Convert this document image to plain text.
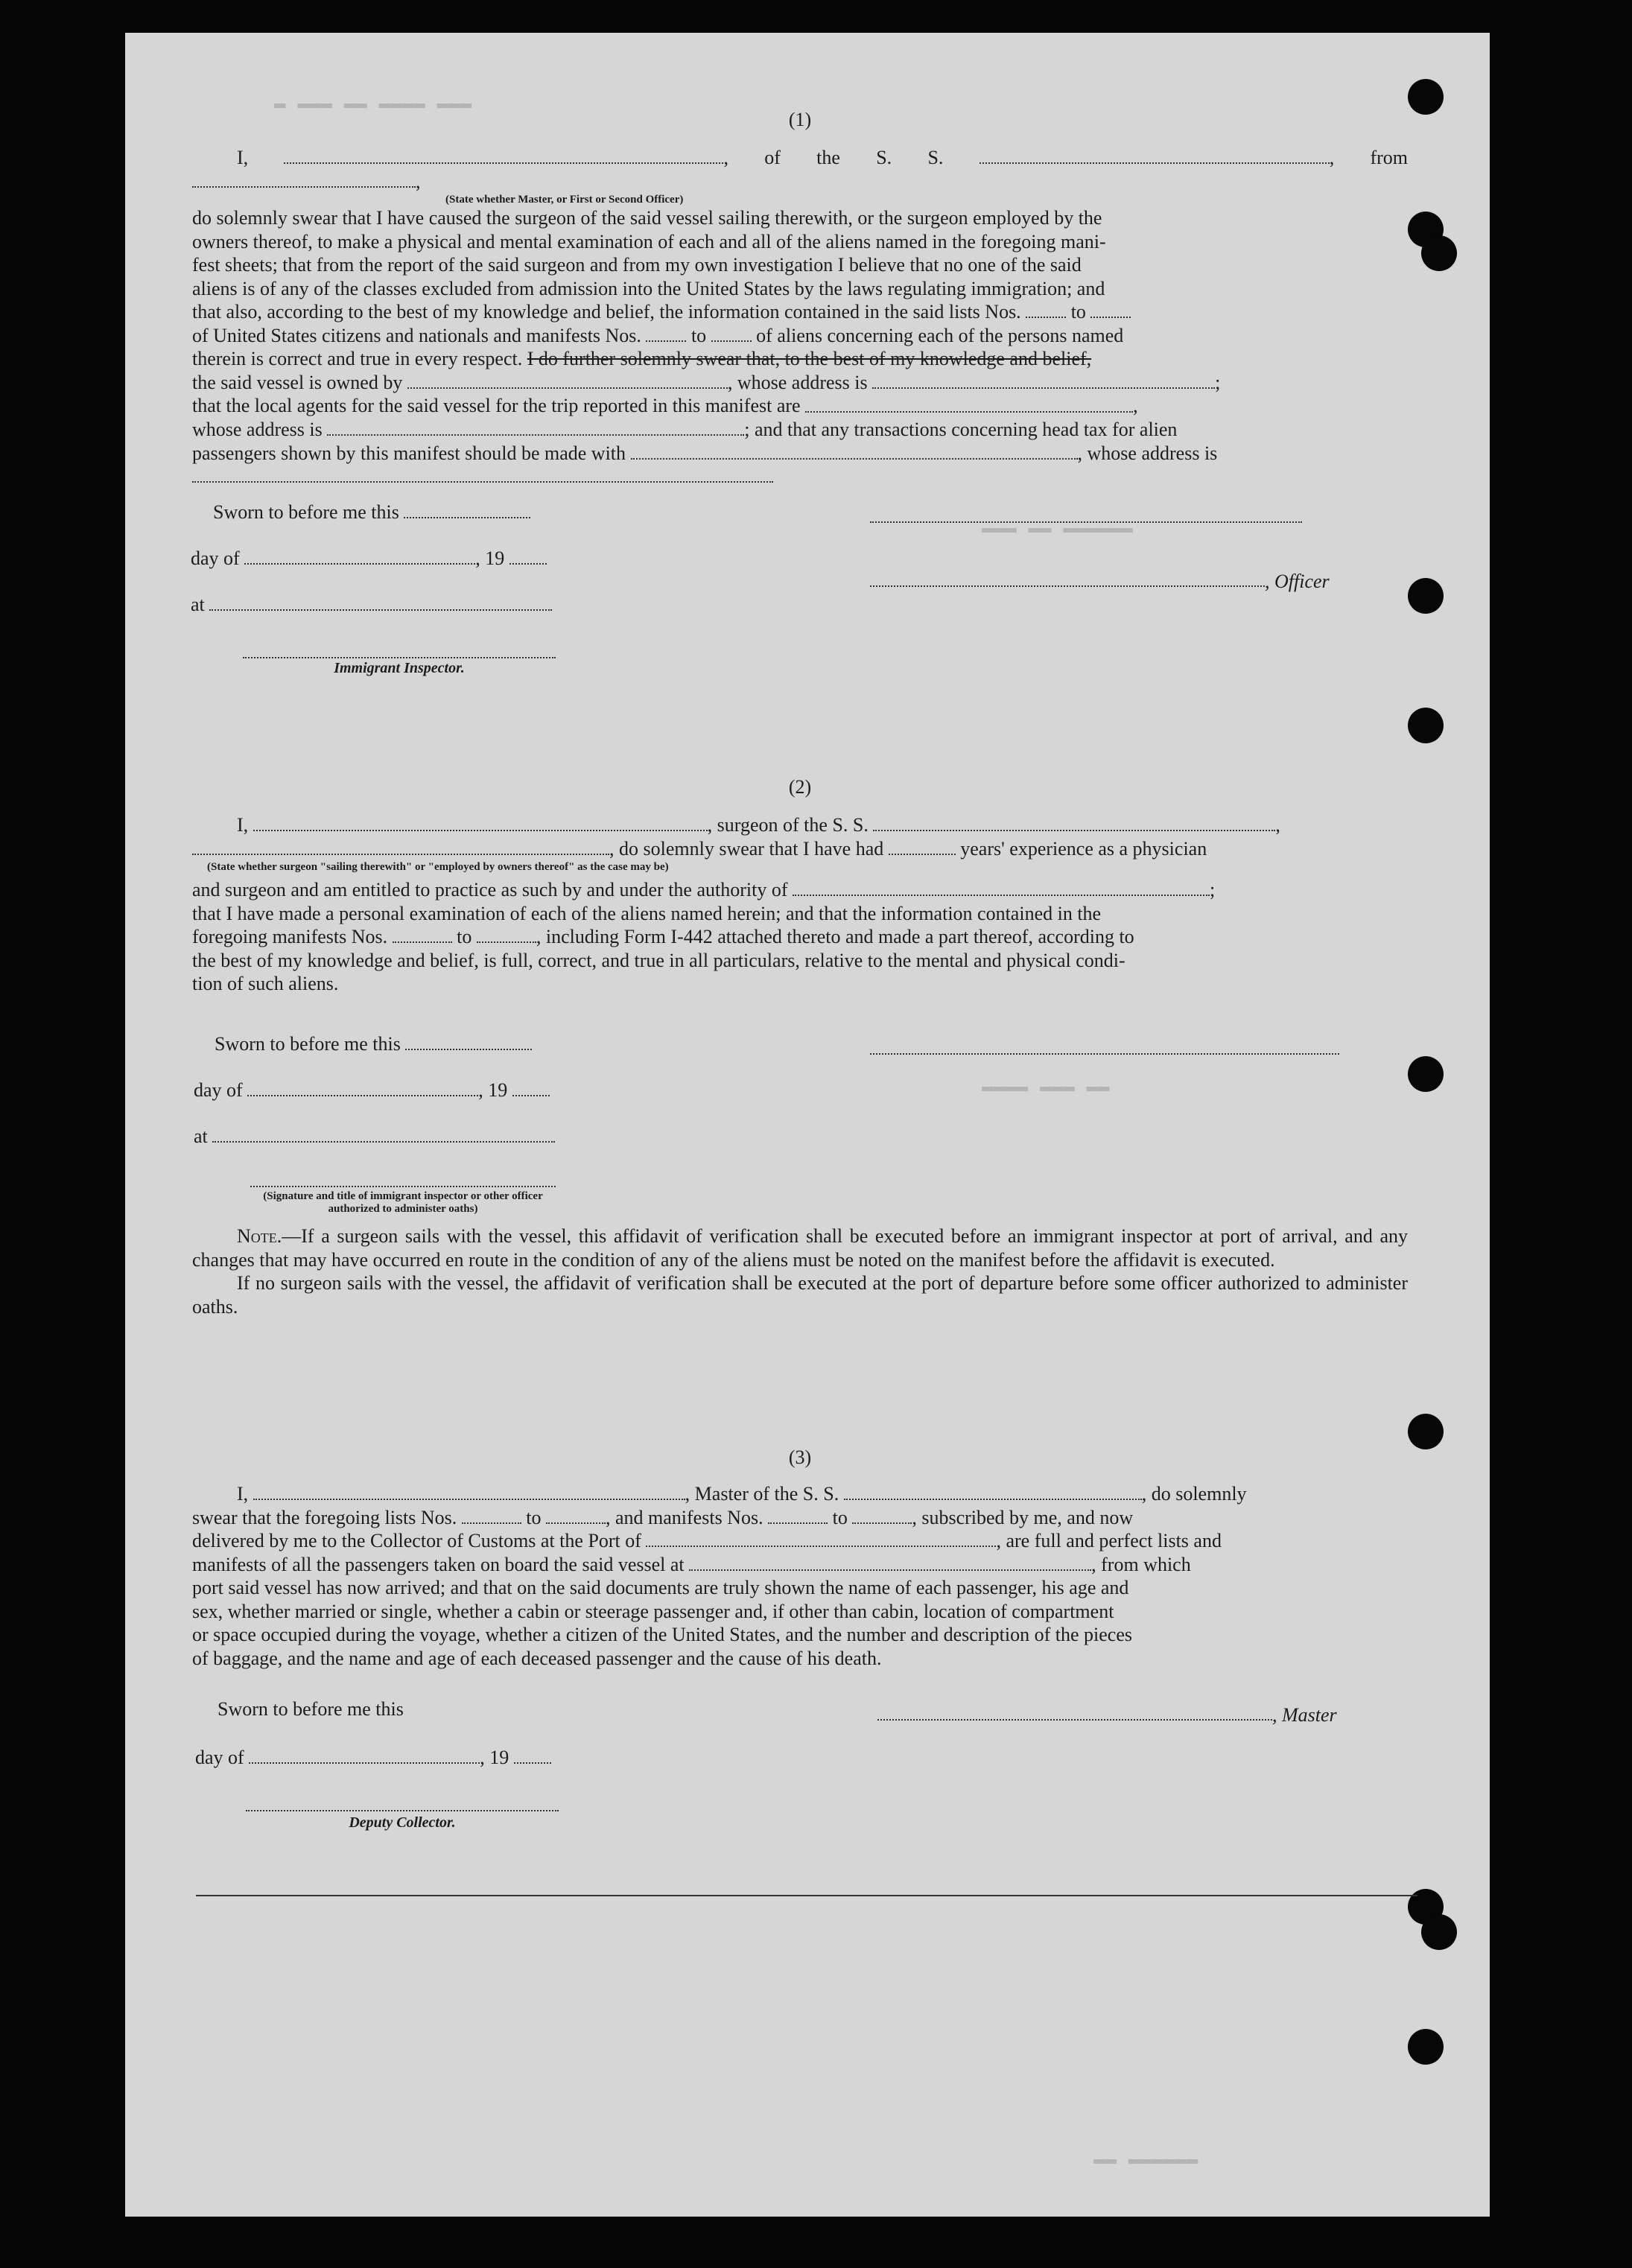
▬ ▬▬▬ ▬▬ ▬▬▬▬ ▬▬▬
▬▬▬ ▬▬ ▬▬▬▬▬▬
▬▬▬▬ ▬▬▬ ▬▬
▬▬ ▬▬▬▬▬▬
(1)
I,	, of the S. S.	, from ,
(State whether Master, or First or Second Officer)
do solemnly swear that I have caused the surgeon of the said vessel sailing therewith, or the surgeon employed by the
owners thereof, to make a physical and mental examination of each and all of the aliens named in the foregoing mani-
fest sheets; that from the report of the said surgeon and from my own investigation I believe that no one of the said
aliens is of any of the classes excluded from admission into the United States by the laws regulating immigration; and
that also, according to the best of my knowledge and belief, the information contained in the said lists Nos.  to
of United States citizens and nationals and manifests Nos.  to	of aliens concerning each of the persons named
therein is correct and true in every respect. I do further solemnly swear that, to the best of my knowledge and belief,
the said vessel is owned by	, whose address is	;
that the local agents for the said vessel for the trip reported in this manifest are	,
whose address is	; and that any transactions concerning head tax for alien
passengers shown by this manifest should be made with	, whose address is
Sworn to before me this
day of	, 19
, Officer
at
Immigrant Inspector.
(2)
I,	, surgeon of the S. S.	,
, do solemnly swear that I have had	years' experience as a physician
(State whether surgeon "sailing therewith" or "employed by owners thereof" as the case may be)
and surgeon and am entitled to practice as such by and under the authority of	;
that I have made a personal examination of each of the aliens named herein; and that the information contained in the
foregoing manifests Nos.	to	, including Form I-442 attached thereto and made a part thereof, according to
the best of my knowledge and belief, is full, correct, and true in all particulars, relative to the mental and physical condi-
tion of such aliens.
Sworn to before me this
day of	, 19
at
(Signature and title of immigrant inspector or other officer authorized to administer oaths)

Note.—If a surgeon sails with the vessel, this affidavit of verification shall be executed before an immigrant inspector at port of arrival, and any changes that may have occurred en route in the condition of any of the aliens must be noted on the manifest before the affidavit is executed.

If no surgeon sails with the vessel, the affidavit of verification shall be executed at the port of departure before some officer authorized to administer oaths.

(3)
I,	, Master of the S. S.	, do solemnly
swear that the foregoing lists Nos.	to	, and manifests Nos.	to	, subscribed by me, and now
delivered by me to the Collector of Customs at the Port of	, are full and perfect lists and
manifests of all the passengers taken on board the said vessel at	, from which
port said vessel has now arrived; and that on the said documents are truly shown the name of each passenger, his age and
sex, whether married or single, whether a cabin or steerage passenger and, if other than cabin, location of compartment
or space occupied during the voyage, whether a citizen of the United States, and the number and description of the pieces
of baggage, and the name and age of each deceased passenger and the cause of his death.
Sworn to before me this	, Master
day of	, 19
Deputy Collector.
